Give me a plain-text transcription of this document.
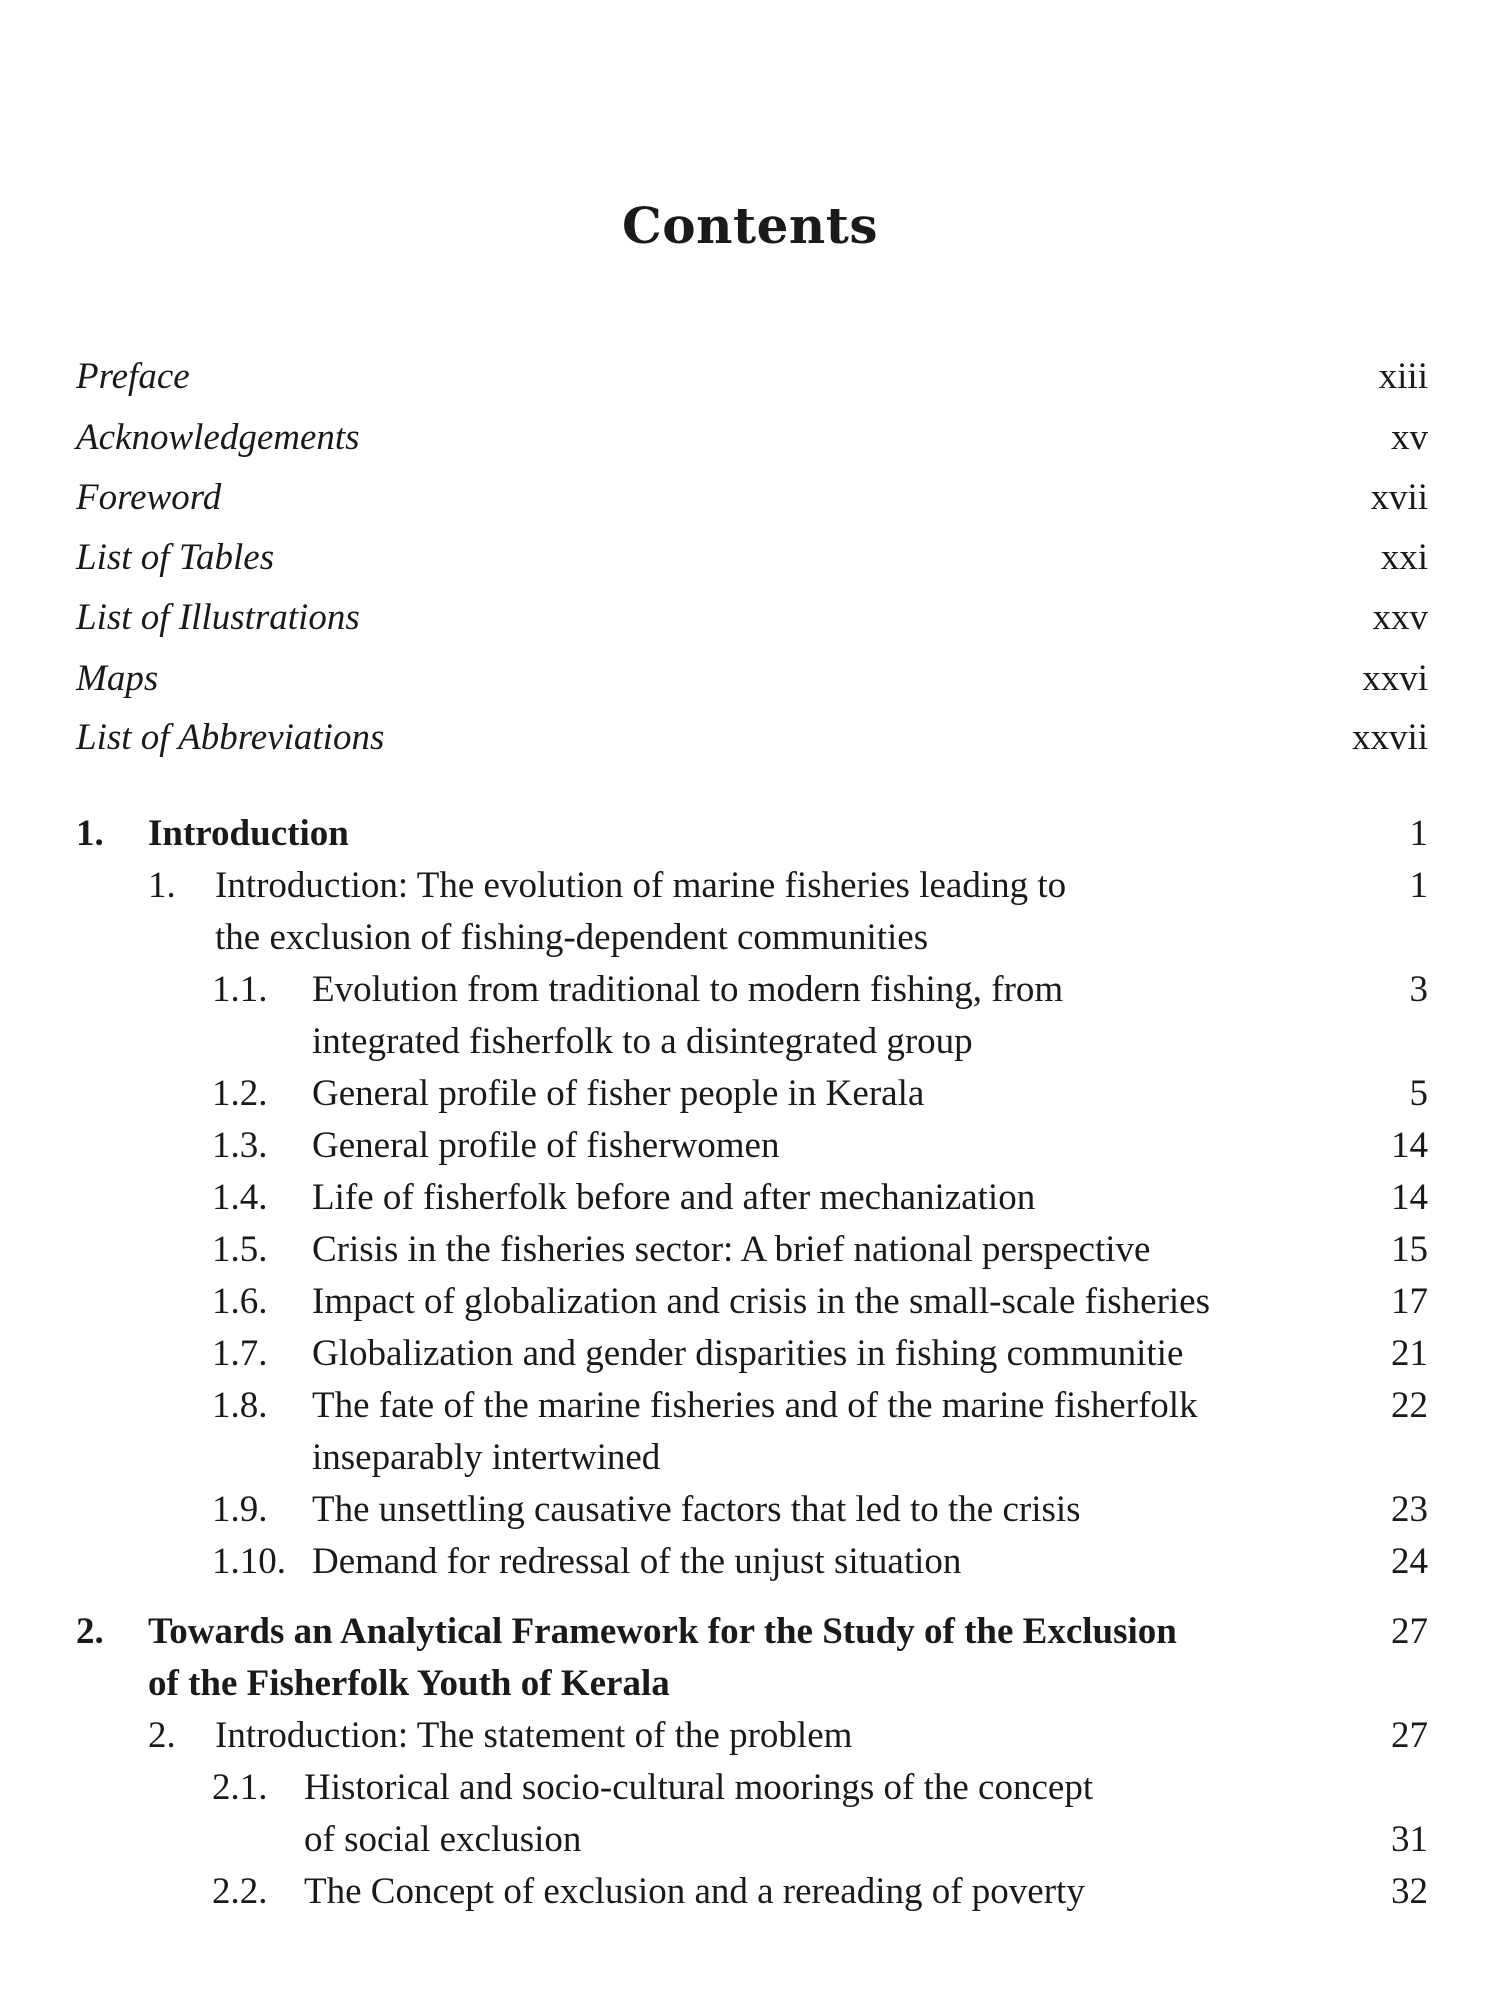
Contents
Preface	xiii
Acknowledgements	xv
Foreword	xvii
List of Tables	xxi
List of Illustrations	xxv
Maps	xxvi
List of Abbreviations	xxvii
1. Introduction	1
1. Introduction: The evolution of marine fisheries leading to	1
the exclusion of fishing-dependent communities
1.1. Evolution from traditional to modern fishing, from	3
integrated fisherfolk to a disintegrated group
1.2. General profile of fisher people in Kerala	5
1.3. General profile of fisherwomen	14
1.4. Life of fisherfolk before and after mechanization	14
1.5. Crisis in the fisheries sector: A brief national perspective	15
1.6. Impact of globalization and crisis in the small-scale fisheries	17
1.7. Globalization and gender disparities in fishing communitie	21
1.8. The fate of the marine fisheries and of the marine fisherfolk	22
inseparably intertwined
1.9. The unsettling causative factors that led to the crisis	23
1.10. Demand for redressal of the unjust situation	24
2. Towards an Analytical Framework for the Study of the Exclusion	27
of the Fisherfolk Youth of Kerala
2. Introduction: The statement of the problem	27
2.1. Historical and socio-cultural moorings of the concept
of social exclusion	31
2.2. The Concept of exclusion and a rereading of poverty	32
